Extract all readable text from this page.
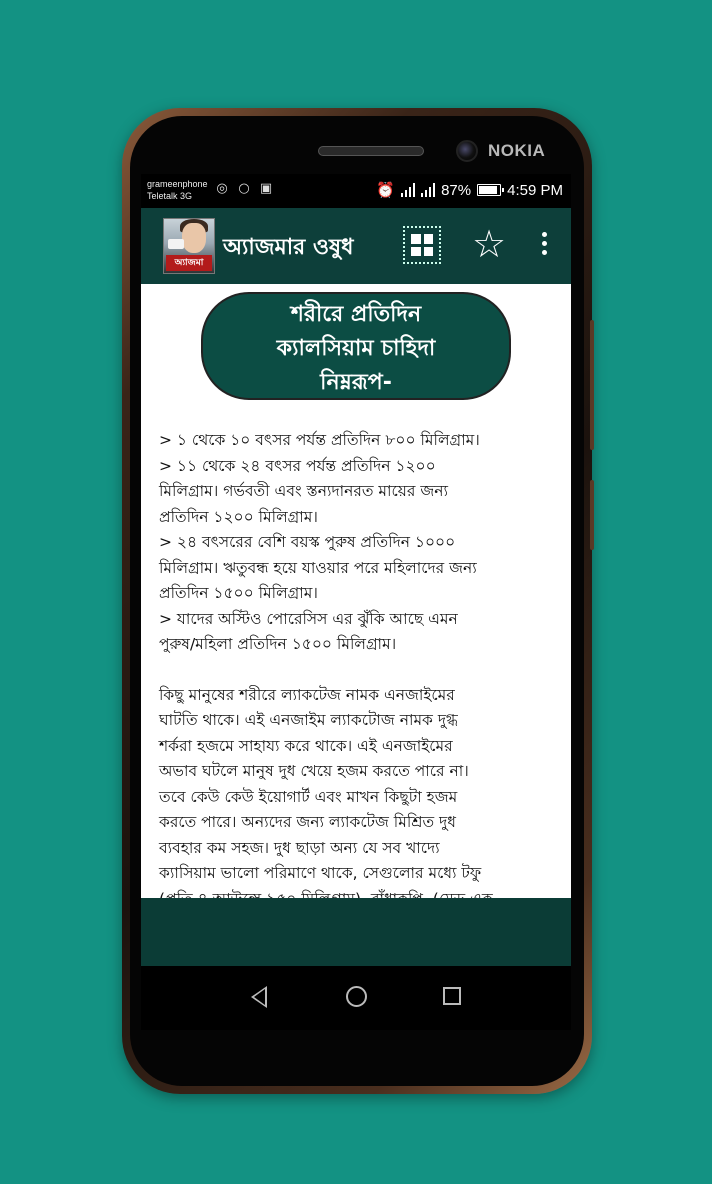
NOKIA
grameenphone
Teletalk 3G	◎ ○ ▣	⏰	87% 4:59 PM
অ্যাজমা
অ্যাজমার ওষুধ	☆
শরীরে প্রতিদিন
ক্যালসিয়াম চাহিদা
নিম্নরূপ-

> ১ থেকে ১০ বৎসর পর্যন্ত প্রতিদিন ৮০০ মিলিগ্রাম।

> ১১ থেকে ২৪ বৎসর পর্যন্ত প্রতিদিন ১২০০

মিলিগ্রাম। গর্ভবতী এবং স্তন্যদানরত মায়ের জন্য

প্রতিদিন ১২০০ মিলিগ্রাম।

> ২৪ বৎসরের বেশি বয়স্ক পুরুষ প্রতিদিন ১০০০

মিলিগ্রাম। ঋতুবন্ধ হয়ে যাওয়ার পরে মহিলাদের জন্য

প্রতিদিন ১৫০০ মিলিগ্রাম।

> যাদের অস্টিও পোরেসিস এর ঝুঁকি আছে এমন

পুরুষ/মহিলা প্রতিদিন ১৫০০ মিলিগ্রাম।

কিছু মানুষের শরীরে ল্যাকটেজ নামক এনজাইমের

ঘাটতি থাকে। এই এনজাইম ল্যাকটোজ নামক দুগ্ধ

শর্করা হজমে সাহায্য করে থাকে। এই এনজাইমের

অভাব ঘটলে মানুষ দুধ খেয়ে হজম করতে পারে না।

তবে কেউ কেউ ইয়োগার্ট এবং মাখন কিছুটা হজম

করতে পারে। অন্যদের জন্য ল্যাকটেজ মিশ্রিত দুধ

ব্যবহার কম সহজ। দুধ ছাড়া অন্য যে সব খাদ্যে

ক্যাসিয়াম ভালো পরিমাণে থাকে, সেগুলোর মধ্যে টফু
